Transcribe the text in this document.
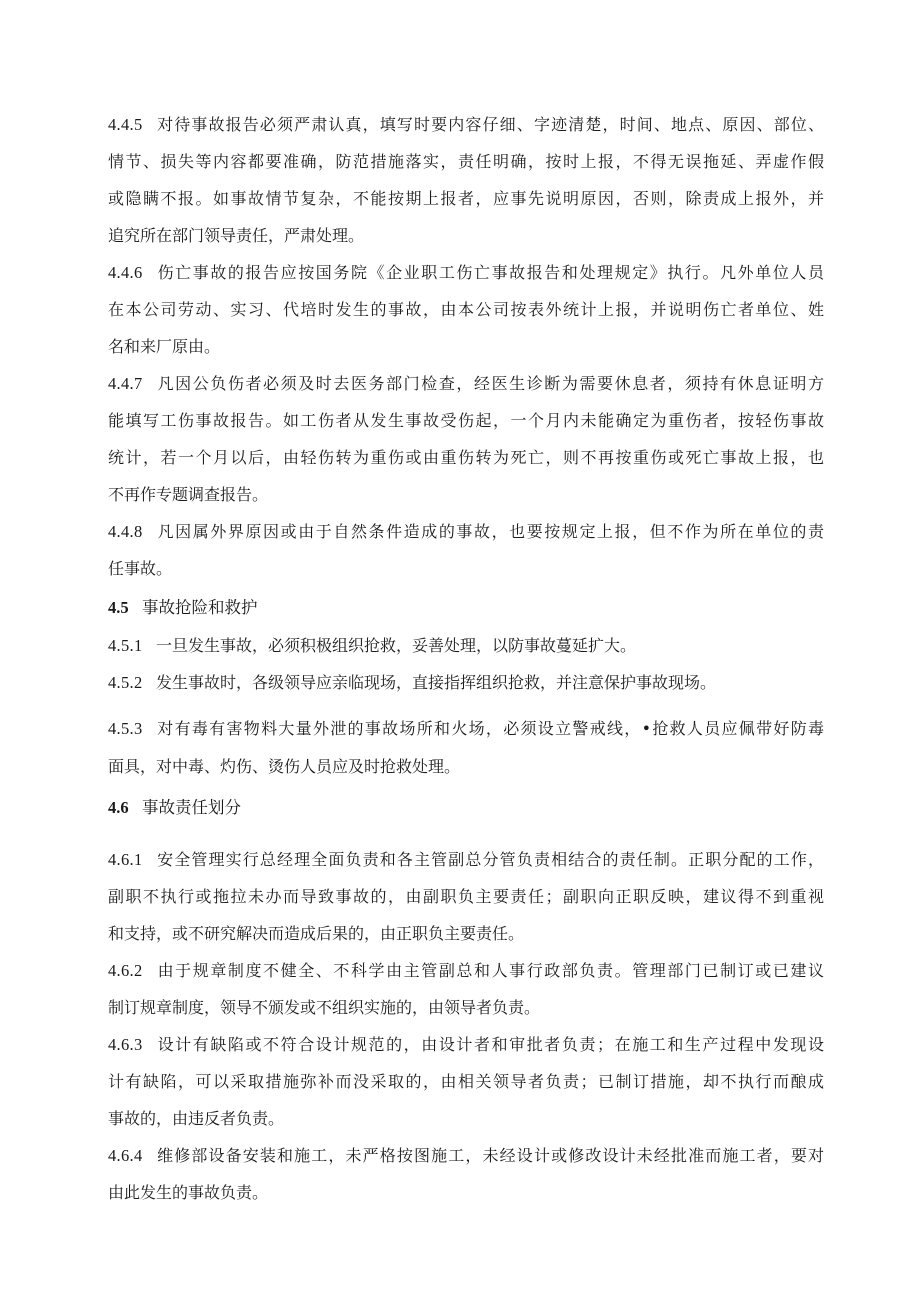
4.4.5 对待事故报告必须严肃认真，填写时要内容仔细、字迹清楚，时间、地点、原因、部位、
情节、损失等内容都要准确，防范措施落实，责任明确，按时上报，不得无误拖延、弄虚作假
或隐瞒不报。如事故情节复杂，不能按期上报者，应事先说明原因，否则，除责成上报外，并
追究所在部门领导责任，严肃处理。
4.4.6 伤亡事故的报告应按国务院《企业职工伤亡事故报告和处理规定》执行。凡外单位人员
在本公司劳动、实习、代培时发生的事故，由本公司按表外统计上报，并说明伤亡者单位、姓
名和来厂原由。
4.4.7 凡因公负伤者必须及时去医务部门检查，经医生诊断为需要休息者，须持有休息证明方
能填写工伤事故报告。如工伤者从发生事故受伤起，一个月内未能确定为重伤者，按轻伤事故
统计，若一个月以后，由轻伤转为重伤或由重伤转为死亡，则不再按重伤或死亡事故上报，也
不再作专题调查报告。
4.4.8 凡因属外界原因或由于自然条件造成的事故，也要按规定上报，但不作为所在单位的责
任事故。
4.5 事故抢险和救护
4.5.1 一旦发生事故，必须积极组织抢救，妥善处理，以防事故蔓延扩大。
4.5.2 发生事故时，各级领导应亲临现场，直接指挥组织抢救，并注意保护事故现场。
4.5.3 对有毒有害物料大量外泄的事故场所和火场，必须设立警戒线，•抢救人员应佩带好防毒
面具，对中毒、灼伤、烫伤人员应及时抢救处理。
4.6 事故责任划分
4.6.1 安全管理实行总经理全面负责和各主管副总分管负责相结合的责任制。正职分配的工作，
副职不执行或拖拉未办而导致事故的，由副职负主要责任；副职向正职反映，建议得不到重视
和支持，或不研究解决而造成后果的，由正职负主要责任。
4.6.2 由于规章制度不健全、不科学由主管副总和人事行政部负责。管理部门已制订或已建议
制订规章制度，领导不颁发或不组织实施的，由领导者负责。
4.6.3 设计有缺陷或不符合设计规范的，由设计者和审批者负责；在施工和生产过程中发现设
计有缺陷，可以采取措施弥补而没采取的，由相关领导者负责；已制订措施，却不执行而酿成
事故的，由违反者负责。
4.6.4 维修部设备安装和施工，未严格按图施工，未经设计或修改设计未经批准而施工者，要对
由此发生的事故负责。
